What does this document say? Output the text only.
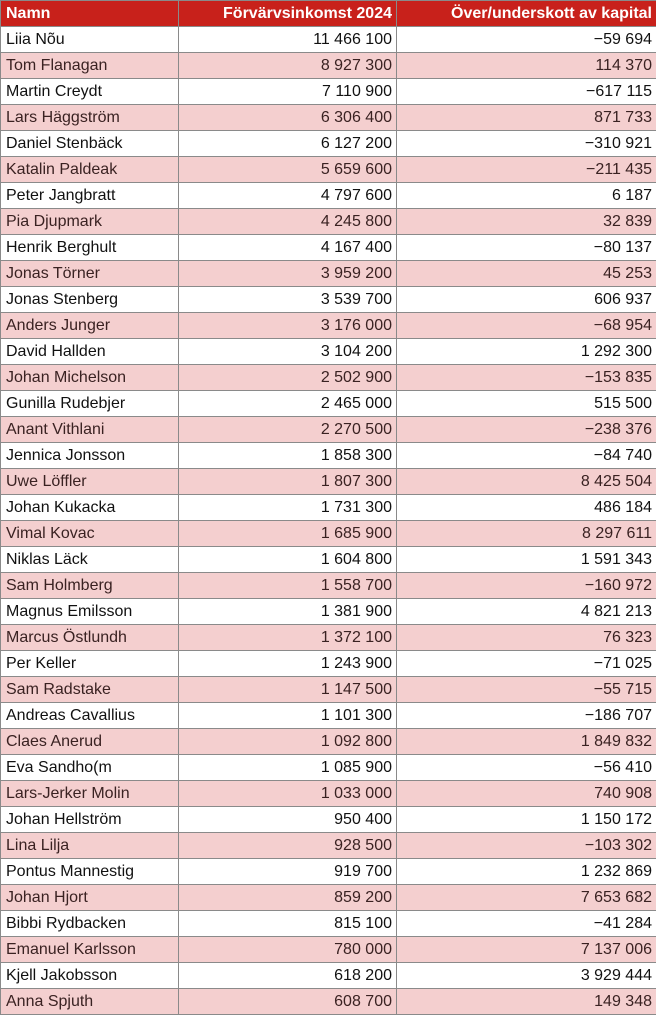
Namn	Förvärvsinkomst 2024	Över/underskott av kapital
Liia Nõu	11 466 100	−59 694
Tom Flanagan	8 927 300	114 370
Martin Creydt	7 110 900	−617 115
Lars Häggström	6 306 400	871 733
Daniel Stenbäck	6 127 200	−310 921
Katalin Paldeak	5 659 600	−211 435
Peter Jangbratt	4 797 600	6 187
Pia Djupmark	4 245 800	32 839
Henrik Berghult	4 167 400	−80 137
Jonas Törner	3 959 200	45 253
Jonas Stenberg	3 539 700	606 937
Anders Junger	3 176 000	−68 954
David Hallden	3 104 200	1 292 300
Johan Michelson	2 502 900	−153 835
Gunilla Rudebjer	2 465 000	515 500
Anant Vithlani	2 270 500	−238 376
Jennica Jonsson	1 858 300	−84 740
Uwe Löffler	1 807 300	8 425 504
Johan Kukacka	1 731 300	486 184
Vimal Kovac	1 685 900	8 297 611
Niklas Läck	1 604 800	1 591 343
Sam Holmberg	1 558 700	−160 972
Magnus Emilsson	1 381 900	4 821 213
Marcus Östlundh	1 372 100	76 323
Per Keller	1 243 900	−71 025
Sam Radstake	1 147 500	−55 715
Andreas Cavallius	1 101 300	−186 707
Claes Anerud	1 092 800	1 849 832
Eva Sandho(m	1 085 900	−56 410
Lars-Jerker Molin	1 033 000	740 908
Johan Hellström	950 400	1 150 172
Lina Lilja	928 500	−103 302
Pontus Mannestig	919 700	1 232 869
Johan Hjort	859 200	7 653 682
Bibbi Rydbacken	815 100	−41 284
Emanuel Karlsson	780 000	7 137 006
Kjell Jakobsson	618 200	3 929 444
Anna Spjuth	608 700	149 348
